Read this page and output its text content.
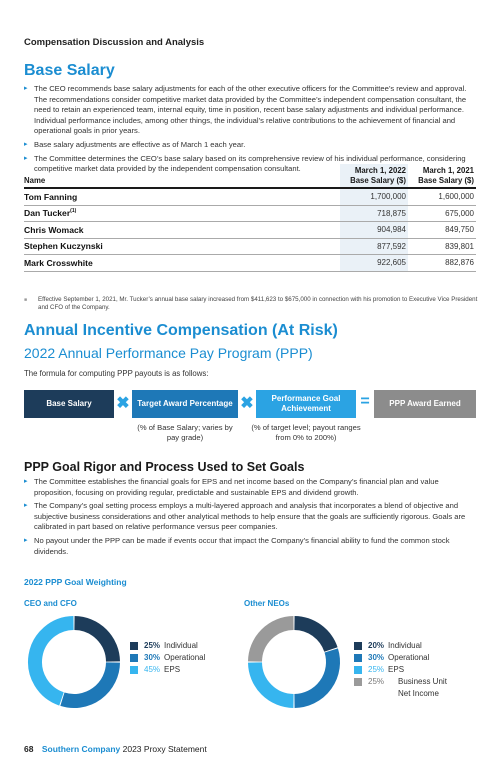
Compensation Discussion and Analysis
Base Salary
▸ The CEO recommends base salary adjustments for each of the other executive officers for the Committee’s review and approval. The recommendations consider competitive market data provided by the Committee’s independent compensation consultant, the need to retain an experienced team, internal equity, time in position, recent base salary adjustments and individual performance. Individual performance includes, among other things, the individual’s relative contributions to the achievement of financial and operational goals in prior years.
▸ Base salary adjustments are effective as of March 1 each year.
▸ The Committee determines the CEO’s base salary based on its comprehensive review of his individual performance, considering competitive market data provided by the independent compensation consultant.
Name	March 1, 2022 Base Salary ($)	March 1, 2021 Base Salary ($)
Tom Fanning	1,700,000	1,600,000
Dan Tucker$^{(1)}$	718,875	675,000
Chris Womack	904,984	849,750
Stephen Kuczynski	877,592	839,801
Mark Crosswhite	922,605	882,876
■ Effective September 1, 2021, Mr. Tucker’s annual base salary increased from $411,623 to $675,000 in connection with his promotion to Executive Vice President and CFO of the Company.
Annual Incentive Compensation (At Risk)
2022 Annual Performance Pay Program (PPP)
The formula for computing PPP payouts is as follows:
Base Salary	✖ Target Award Percentage ✖	Performance Goal Achievement	=	PPP Award Earned
(% of Base Salary; varies by pay grade)
(% of target level; payout ranges from 0% to 200%)
PPP Goal Rigor and Process Used to Set Goals
▸ The Committee establishes the financial goals for EPS and net income based on the Company’s financial plan and value proposition, focusing on providing regular, predictable and sustainable EPS and dividend growth.
▸ The Company’s goal setting process employs a multi-layered approach and analysis that incorporates a blend of objective and subjective business considerations and other analytical methods to help ensure that the goals are sufficiently rigorous. Goals are calibrated in part based on relative performance versus peer companies.
▸ No payout under the PPP can be made if events occur that impact the Company’s financial ability to fund the common stock dividends.
2022 PPP Goal Weighting
CEO and CFO
25% Individual
30% Operational
45% EPS
Other NEOs
20% Individual
30% Operational
25% EPS
25% Business Unit Net Income
68 Southern Company 2023 Proxy Statement
